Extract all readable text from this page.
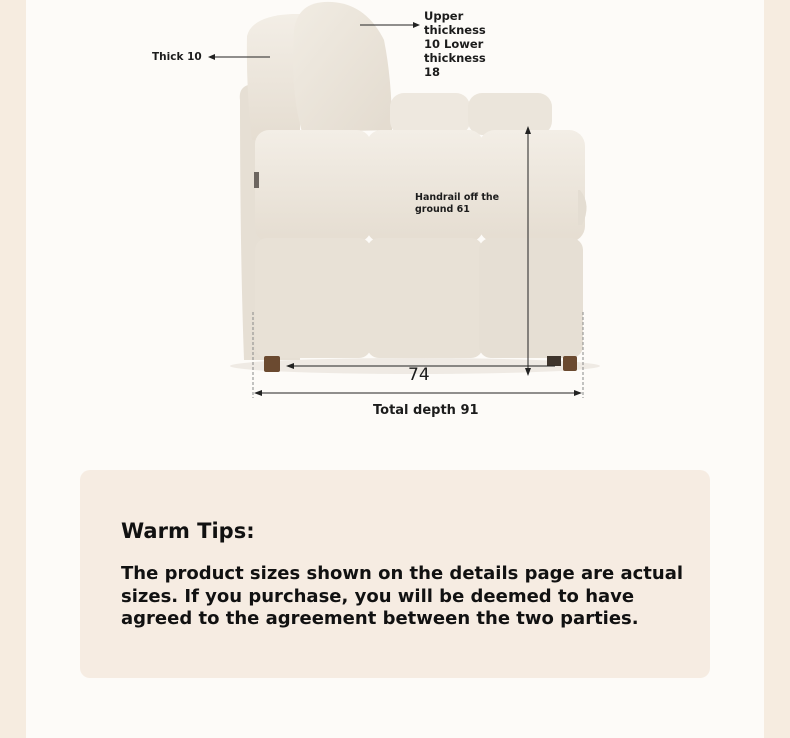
Upper thickness 10 Lower thickness 18
Thick 10
Handrail off the ground 61
74
Total depth 91
Warm Tips:

The product sizes shown on the details page are actual sizes. If you purchase, you will be deemed to have agreed to the agreement between the two parties.
